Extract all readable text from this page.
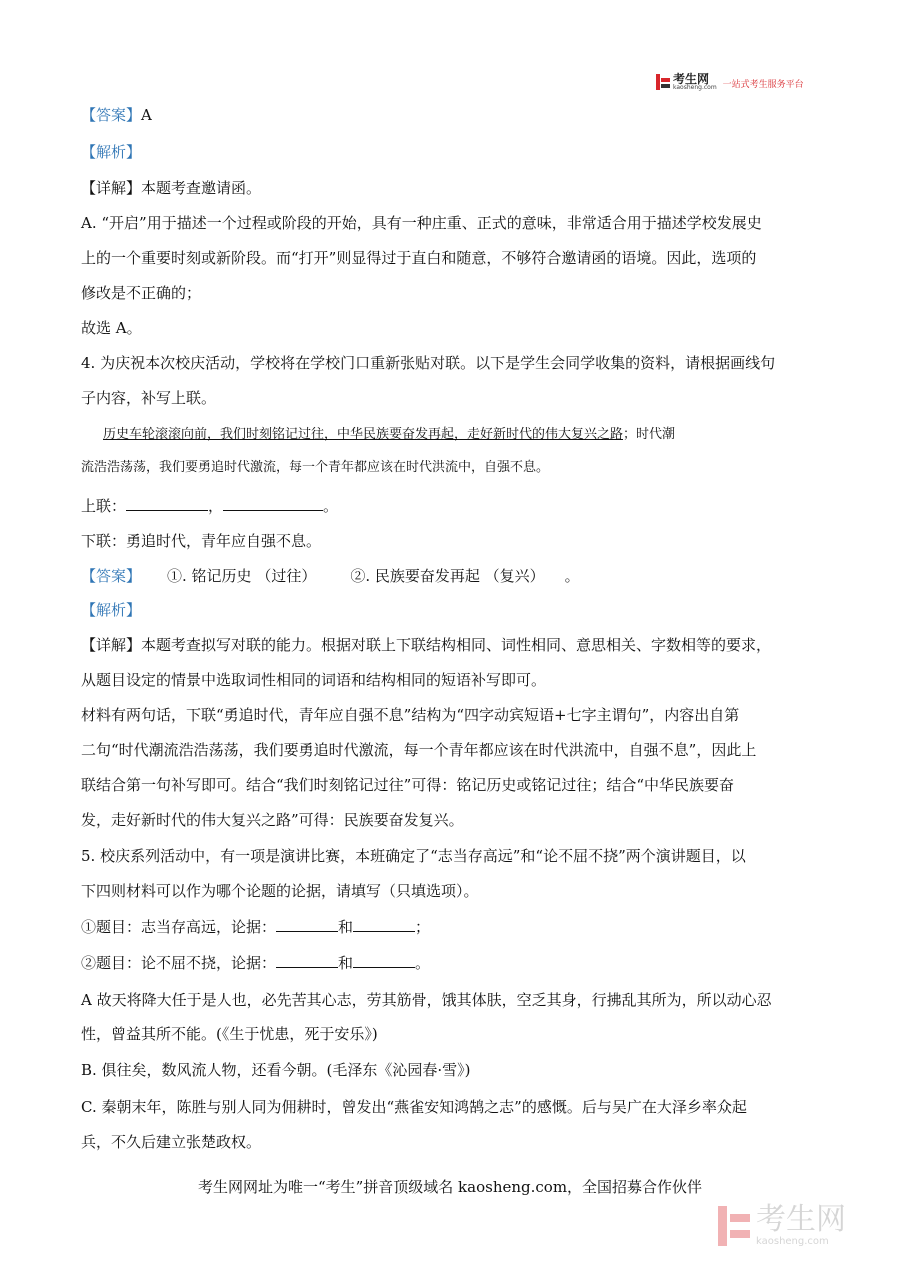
考生网
kaosheng.com 一站式考生服务平台

【答案】A

【解析】

【详解】本题考查邀请函。

A. “开启”用于描述一个过程或阶段的开始，具有一种庄重、正式的意味，非常适合用于描述学校发展史

上的一个重要时刻或新阶段。而“打开”则显得过于直白和随意，不够符合邀请函的语境。因此，选项的

修改是不正确的；

故选 A。

4. 为庆祝本次校庆活动，学校将在学校门口重新张贴对联。以下是学生会同学收集的资料，请根据画线句

子内容，补写上联。

历史车轮滚滚向前，我们时刻铭记过往，中华民族要奋发再起，走好新时代的伟大复兴之路；时代潮

流浩浩荡荡，我们要勇追时代激流，每一个青年都应该在时代洪流中，自强不息。

上联：	，	。

下联：勇追时代，青年应自强不息。

【答案】 ①. 铭记历史 （过往） ②. 民族要奋发再起 （复兴） 。

【解析】

【详解】本题考查拟写对联的能力。根据对联上下联结构相同、词性相同、意思相关、字数相等的要求，

从题目设定的情景中选取词性相同的词语和结构相同的短语补写即可。

材料有两句话，下联“勇追时代，青年应自强不息”结构为“四字动宾短语+七字主谓句”，内容出自第

二句“时代潮流浩浩荡荡，我们要勇追时代激流，每一个青年都应该在时代洪流中，自强不息”，因此上

联结合第一句补写即可。结合“我们时刻铭记过往”可得：铭记历史或铭记过往；结合“中华民族要奋

发，走好新时代的伟大复兴之路”可得：民族要奋发复兴。

5. 校庆系列活动中，有一项是演讲比赛，本班确定了“志当存高远”和“论不屈不挠”两个演讲题目，以

下四则材料可以作为哪个论题的论据，请填写（只填选项）。

①题目：志当存高远，论据：	和	；

②题目：论不屈不挠，论据：	和	。

A 故天将降大任于是人也，必先苦其心志，劳其筋骨，饿其体肤，空乏其身，行拂乱其所为，所以动心忍

性，曾益其所不能。(《生于忧患，死于安乐》)

B. 俱往矣，数风流人物，还看今朝。(毛泽东《沁园春·雪》)

C. 秦朝末年，陈胜与别人同为佣耕时，曾发出“燕雀安知鸿鹄之志”的感慨。后与吴广在大泽乡率众起

兵，不久后建立张楚政权。

考生网网址为唯一“考生”拼音顶级域名 kaosheng.com，全国招募合作伙伴
考生网
kaosheng.com
